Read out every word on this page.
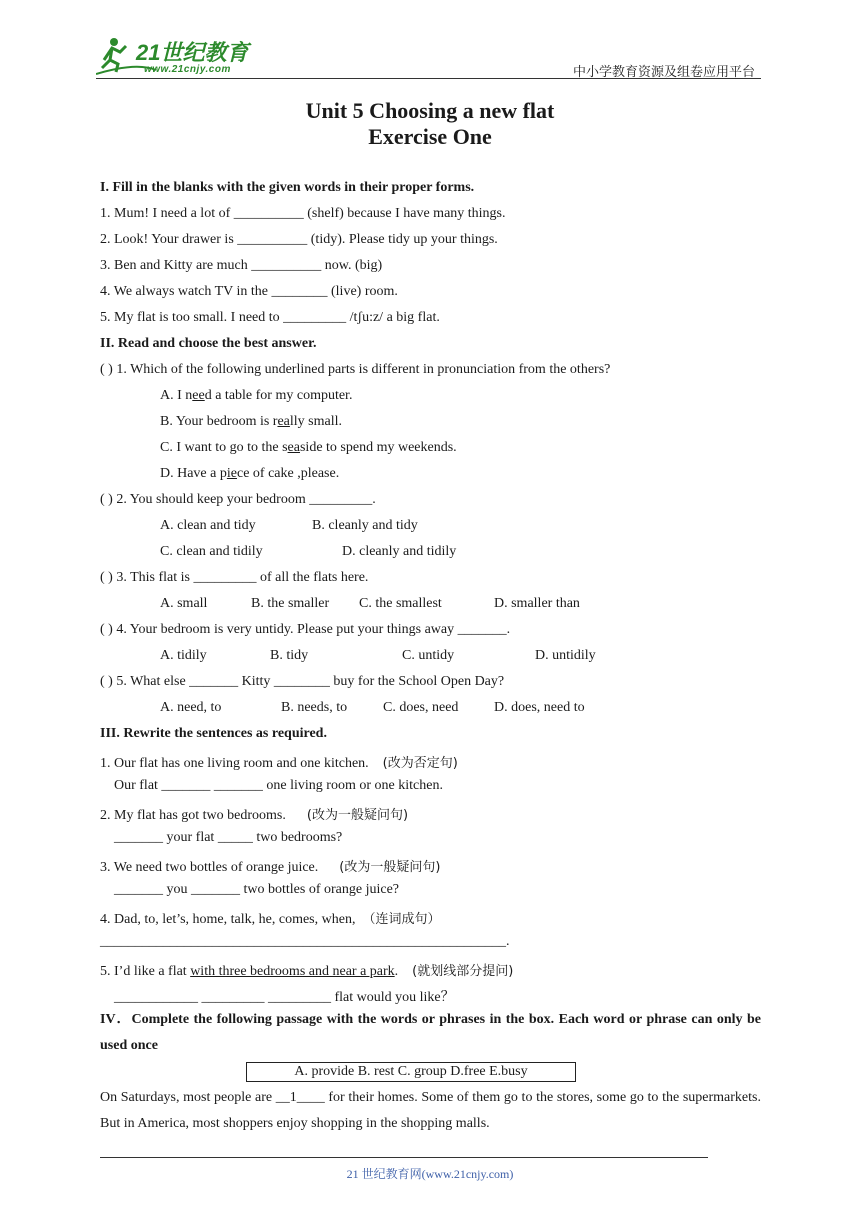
21世纪教育
www.21cnjy.com	中小学教育资源及组卷应用平台
Unit 5 Choosing a new flat
Exercise One
I. Fill in the blanks with the given words in their proper forms.
1. Mum! I need a lot of __________ (shelf) because I have many things.
2. Look! Your drawer is __________ (tidy). Please tidy up your things.
3. Ben and Kitty are much __________ now. (big)
4. We always watch TV in the ________ (live) room.
5. My flat is too small. I need to _________ /tʃu:z/ a big flat.
II. Read and choose the best answer.
( ) 1. Which of the following underlined parts is different in pronunciation from the others?
A. I need a table for my computer.
B. Your bedroom is really small.
C. I want to go to the seaside to spend my weekends.
D. Have a piece of cake ,please.
( ) 2. You should keep your bedroom _________.
A. clean and tidy	B. cleanly and tidy
C. clean and tidily	D. cleanly and tidily
( ) 3. This flat is _________ of all the flats here.
A. small	B. the smaller C. the smallest	D. smaller than
( ) 4. Your bedroom is very untidy. Please put your things away _______.
A. tidily	B. tidy	C. untidy	D. untidily
( ) 5. What else _______ Kitty ________ buy for the School Open Day?
A. need, to	B. needs, to	C. does, need	D. does, need to
III. Rewrite the sentences as required.
1. Our flat has one living room and one kitchen. (改为否定句)
Our flat _______ _______ one living room or one kitchen.
2. My flat has got two bedrooms. (改为一般疑问句)
_______ your flat _____ two bedrooms?
3. We need two bottles of orange juice. (改为一般疑问句)
_______ you _______ two bottles of orange juice?
4. Dad, to, let’s, home, talk, he, comes, when, （连词成句）
__________________________________________________________.
5. I’d like a flat with three bedrooms and near a park. (就划线部分提问)
____________ _________ _________ flat would you like？
IV．Complete the following passage with the words or phrases in the box. Each word or phrase can only be used once
A. provide B. rest C. group D.free E.busy
On Saturdays, most people are __1____ for their homes. Some of them go to the stores, some go to the supermarkets. But in America, most shoppers enjoy shopping in the shopping malls.
21 世纪教育网(www.21cnjy.com)
